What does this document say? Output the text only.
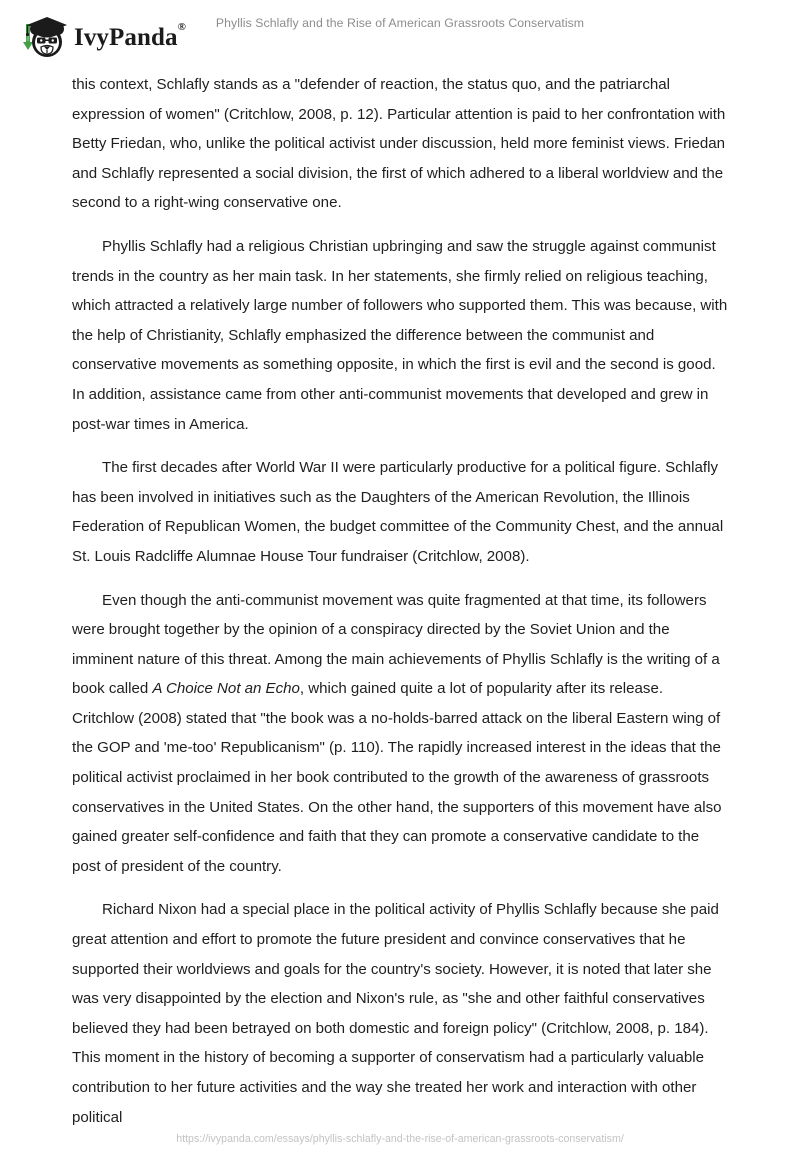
IvyPanda®	Phyllis Schlafly and the Rise of American Grassroots Conservatism

this context, Schlafly stands as a "defender of reaction, the status quo, and the patriarchal expression of women" (Critchlow, 2008, p. 12). Particular attention is paid to her confrontation with Betty Friedan, who, unlike the political activist under discussion, held more feminist views. Friedan and Schlafly represented a social division, the first of which adhered to a liberal worldview and the second to a right-wing conservative one.

Phyllis Schlafly had a religious Christian upbringing and saw the struggle against communist trends in the country as her main task. In her statements, she firmly relied on religious teaching, which attracted a relatively large number of followers who supported them. This was because, with the help of Christianity, Schlafly emphasized the difference between the communist and conservative movements as something opposite, in which the first is evil and the second is good. In addition, assistance came from other anti-communist movements that developed and grew in post-war times in America.

The first decades after World War II were particularly productive for a political figure. Schlafly has been involved in initiatives such as the Daughters of the American Revolution, the Illinois Federation of Republican Women, the budget committee of the Community Chest, and the annual St. Louis Radcliffe Alumnae House Tour fundraiser (Critchlow, 2008).

Even though the anti-communist movement was quite fragmented at that time, its followers were brought together by the opinion of a conspiracy directed by the Soviet Union and the imminent nature of this threat. Among the main achievements of Phyllis Schlafly is the writing of a book called A Choice Not an Echo, which gained quite a lot of popularity after its release. Critchlow (2008) stated that "the book was a no-holds-barred attack on the liberal Eastern wing of the GOP and 'me-too' Republicanism" (p. 110). The rapidly increased interest in the ideas that the political activist proclaimed in her book contributed to the growth of the awareness of grassroots conservatives in the United States. On the other hand, the supporters of this movement have also gained greater self-confidence and faith that they can promote a conservative candidate to the post of president of the country.

Richard Nixon had a special place in the political activity of Phyllis Schlafly because she paid great attention and effort to promote the future president and convince conservatives that he supported their worldviews and goals for the country's society. However, it is noted that later she was very disappointed by the election and Nixon's rule, as "she and other faithful conservatives believed they had been betrayed on both domestic and foreign policy" (Critchlow, 2008, p. 184). This moment in the history of becoming a supporter of conservatism had a particularly valuable contribution to her future activities and the way she treated her work and interaction with other political

https://ivypanda.com/essays/phyllis-schlafly-and-the-rise-of-american-grassroots-conservatism/
